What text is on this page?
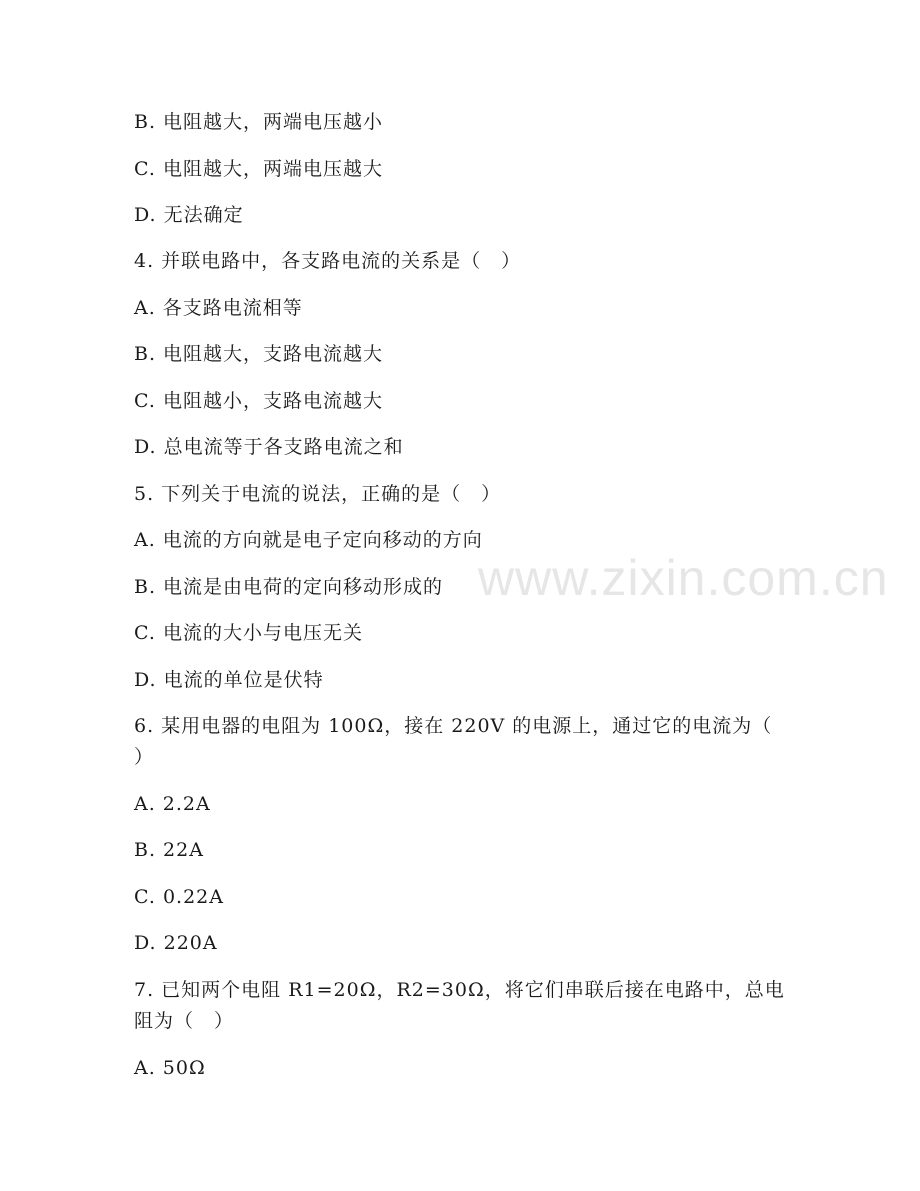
www.zixin.com.cn
B. 电阻越大，两端电压越小
C. 电阻越大，两端电压越大
D. 无法确定
4. 并联电路中，各支路电流的关系是（　）
A. 各支路电流相等
B. 电阻越大，支路电流越大
C. 电阻越小，支路电流越大
D. 总电流等于各支路电流之和
5. 下列关于电流的说法，正确的是（　）
A. 电流的方向就是电子定向移动的方向
B. 电流是由电荷的定向移动形成的
C. 电流的大小与电压无关
D. 电流的单位是伏特
6. 某用电器的电阻为 100Ω，接在 220V 的电源上，通过它的电流为（
）
A. 2.2A
B. 22A
C. 0.22A
D. 220A
7. 已知两个电阻 R1=20Ω，R2=30Ω，将它们串联后接在电路中，总电
阻为（　）
A. 50Ω
